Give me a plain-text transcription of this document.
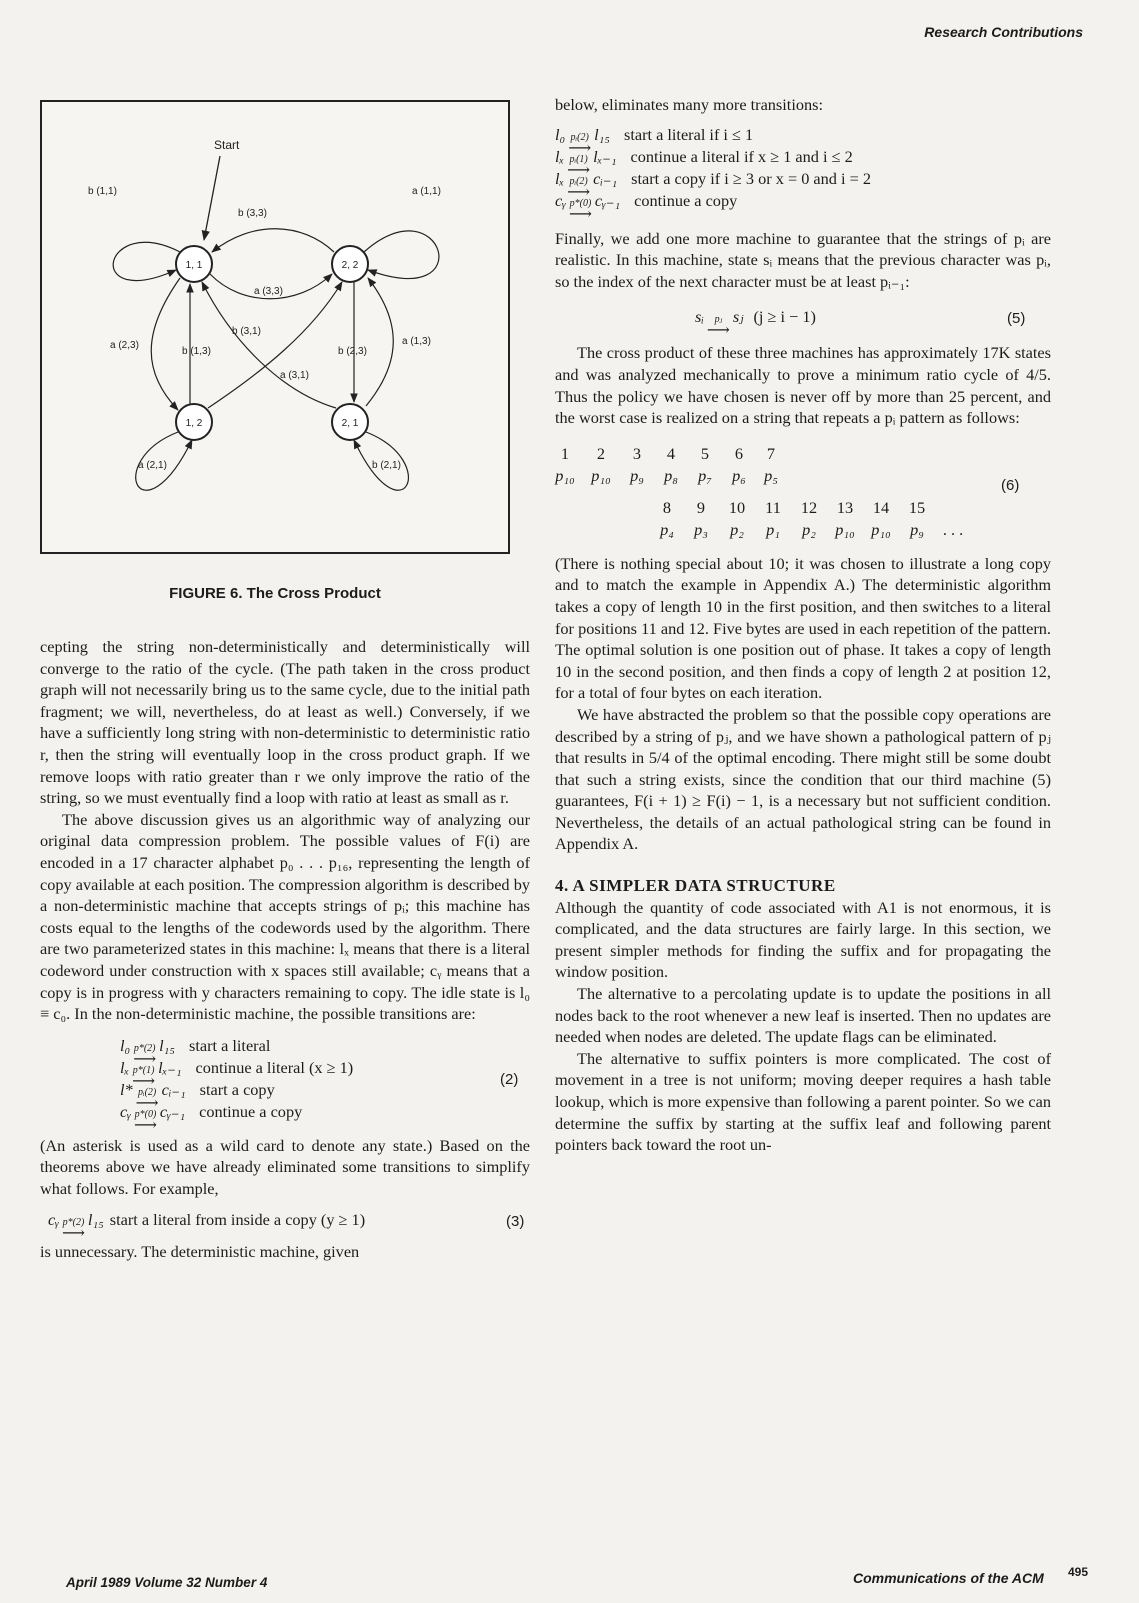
Research Contributions
Start
1, 1	2, 2
1, 2	2, 1
b (1,1)	a (1,1)
a (2,1)	b (2,1)
b (3,3)
a (3,3)
b (3,1)
a (2,3)
b (1,3)	b (2,3)
a (1,3)
a (3,1)
FIGURE 6. The Cross Product

cepting the string non-deterministically and deterministically will converge to the ratio of the cycle. (The path taken in the cross product graph will not necessarily bring us to the same cycle, due to the initial path fragment; we will, nevertheless, do at least as well.) Conversely, if we have a sufficiently long string with non-deterministic to deterministic ratio r, then the string will eventually loop in the cross product graph. If we remove loops with ratio greater than r we only improve the ratio of the string, so we must eventually find a loop with ratio at least as small as r.

The above discussion gives us an algorithmic way of analyzing our original data compression problem. The possible values of F(i) are encoded in a 17 character alphabet p₀ . . . p₁₆, representing the length of copy available at each position. The compression algorithm is described by a non-deterministic machine that accepts strings of pᵢ; this machine has costs equal to the lengths of the codewords used by the algorithm. There are two parameterized states in this machine: lₓ means that there is a literal codeword under construction with x spaces still available; cᵧ means that a copy is in progress with y characters remaining to copy. The idle state is l₀ ≡ c₀. In the non-deterministic machine, the possible transitions are:

l₀ p*(2)
⟶
l₁₅ start a literal
lₓ p*(1)
⟶
lₓ₋₁ continue a literal (x ≥ 1)
l* pᵢ(2)
⟶
cᵢ₋₁ start a copy
cᵧ p*(0)
⟶
cᵧ₋₁ continue a copy
(2)

(An asterisk is used as a wild card to denote any state.) Based on the theorems above we have already eliminated some transitions to simplify what follows. For example,

cᵧ p*(2)
⟶
l₁₅ start a literal from inside a copy (y ≥ 1)	(3)

is unnecessary. The deterministic machine, given

below, eliminates many more transitions:

l₀ pᵢ(2)
⟶
l₁₅ start a literal if i ≤ 1
lₓ pᵢ(1)
⟶
lₓ₋₁ continue a literal if x ≥ 1 and i ≤ 2
lₓ pᵢ(2)
⟶
cᵢ₋₁ start a copy if i ≥ 3 or x = 0 and i = 2
cᵧ p*(0)
⟶
cᵧ₋₁ continue a copy

Finally, we add one more machine to guarantee that the strings of pᵢ are realistic. In this machine, state sᵢ means that the previous character was pᵢ, so the index of the next character must be at least pᵢ₋₁:

sᵢ pⱼ
⟶
sⱼ (j ≥ i − 1)	(5)

The cross product of these three machines has approximately 17K states and was analyzed mechanically to prove a minimum ratio cycle of 4/5. Thus the policy we have chosen is never off by more than 25 percent, and the worst case is realized on a string that repeats a pᵢ pattern as follows:

1	2	3	4	5	6	7
p₁₀	p₁₀	p₉	p₈	p₇	p₆	p₅
8	9	10	11	12	13	14	15
p₄	p₃	p₂	p₁	p₂	p₁₀	p₁₀	p₉	. . .
(6)

(There is nothing special about 10; it was chosen to illustrate a long copy and to match the example in Appendix A.) The deterministic algorithm takes a copy of length 10 in the first position, and then switches to a literal for positions 11 and 12. Five bytes are used in each repetition of the pattern. The optimal solution is one position out of phase. It takes a copy of length 10 in the second position, and then finds a copy of length 2 at position 12, for a total of four bytes on each iteration.

We have abstracted the problem so that the possible copy operations are described by a string of pⱼ, and we have shown a pathological pattern of pⱼ that results in 5/4 of the optimal encoding. There might still be some doubt that such a string exists, since the condition that our third machine (5) guarantees, F(i + 1) ≥ F(i) − 1, is a necessary but not sufficient condition. Nevertheless, the details of an actual pathological string can be found in Appendix A.

4. A SIMPLER DATA STRUCTURE

Although the quantity of code associated with A1 is not enormous, it is complicated, and the data structures are fairly large. In this section, we present simpler methods for finding the suffix and for propagating the window position.

The alternative to a percolating update is to update the positions in all nodes back to the root whenever a new leaf is inserted. Then no updates are needed when nodes are deleted. The update flags can be eliminated.

The alternative to suffix pointers is more complicated. The cost of movement in a tree is not uniform; moving deeper requires a hash table lookup, which is more expensive than following a parent pointer. So we can determine the suffix by starting at the suffix leaf and following parent pointers back toward the root un-

April 1989 Volume 32 Number 4	Communications of the ACM 495
